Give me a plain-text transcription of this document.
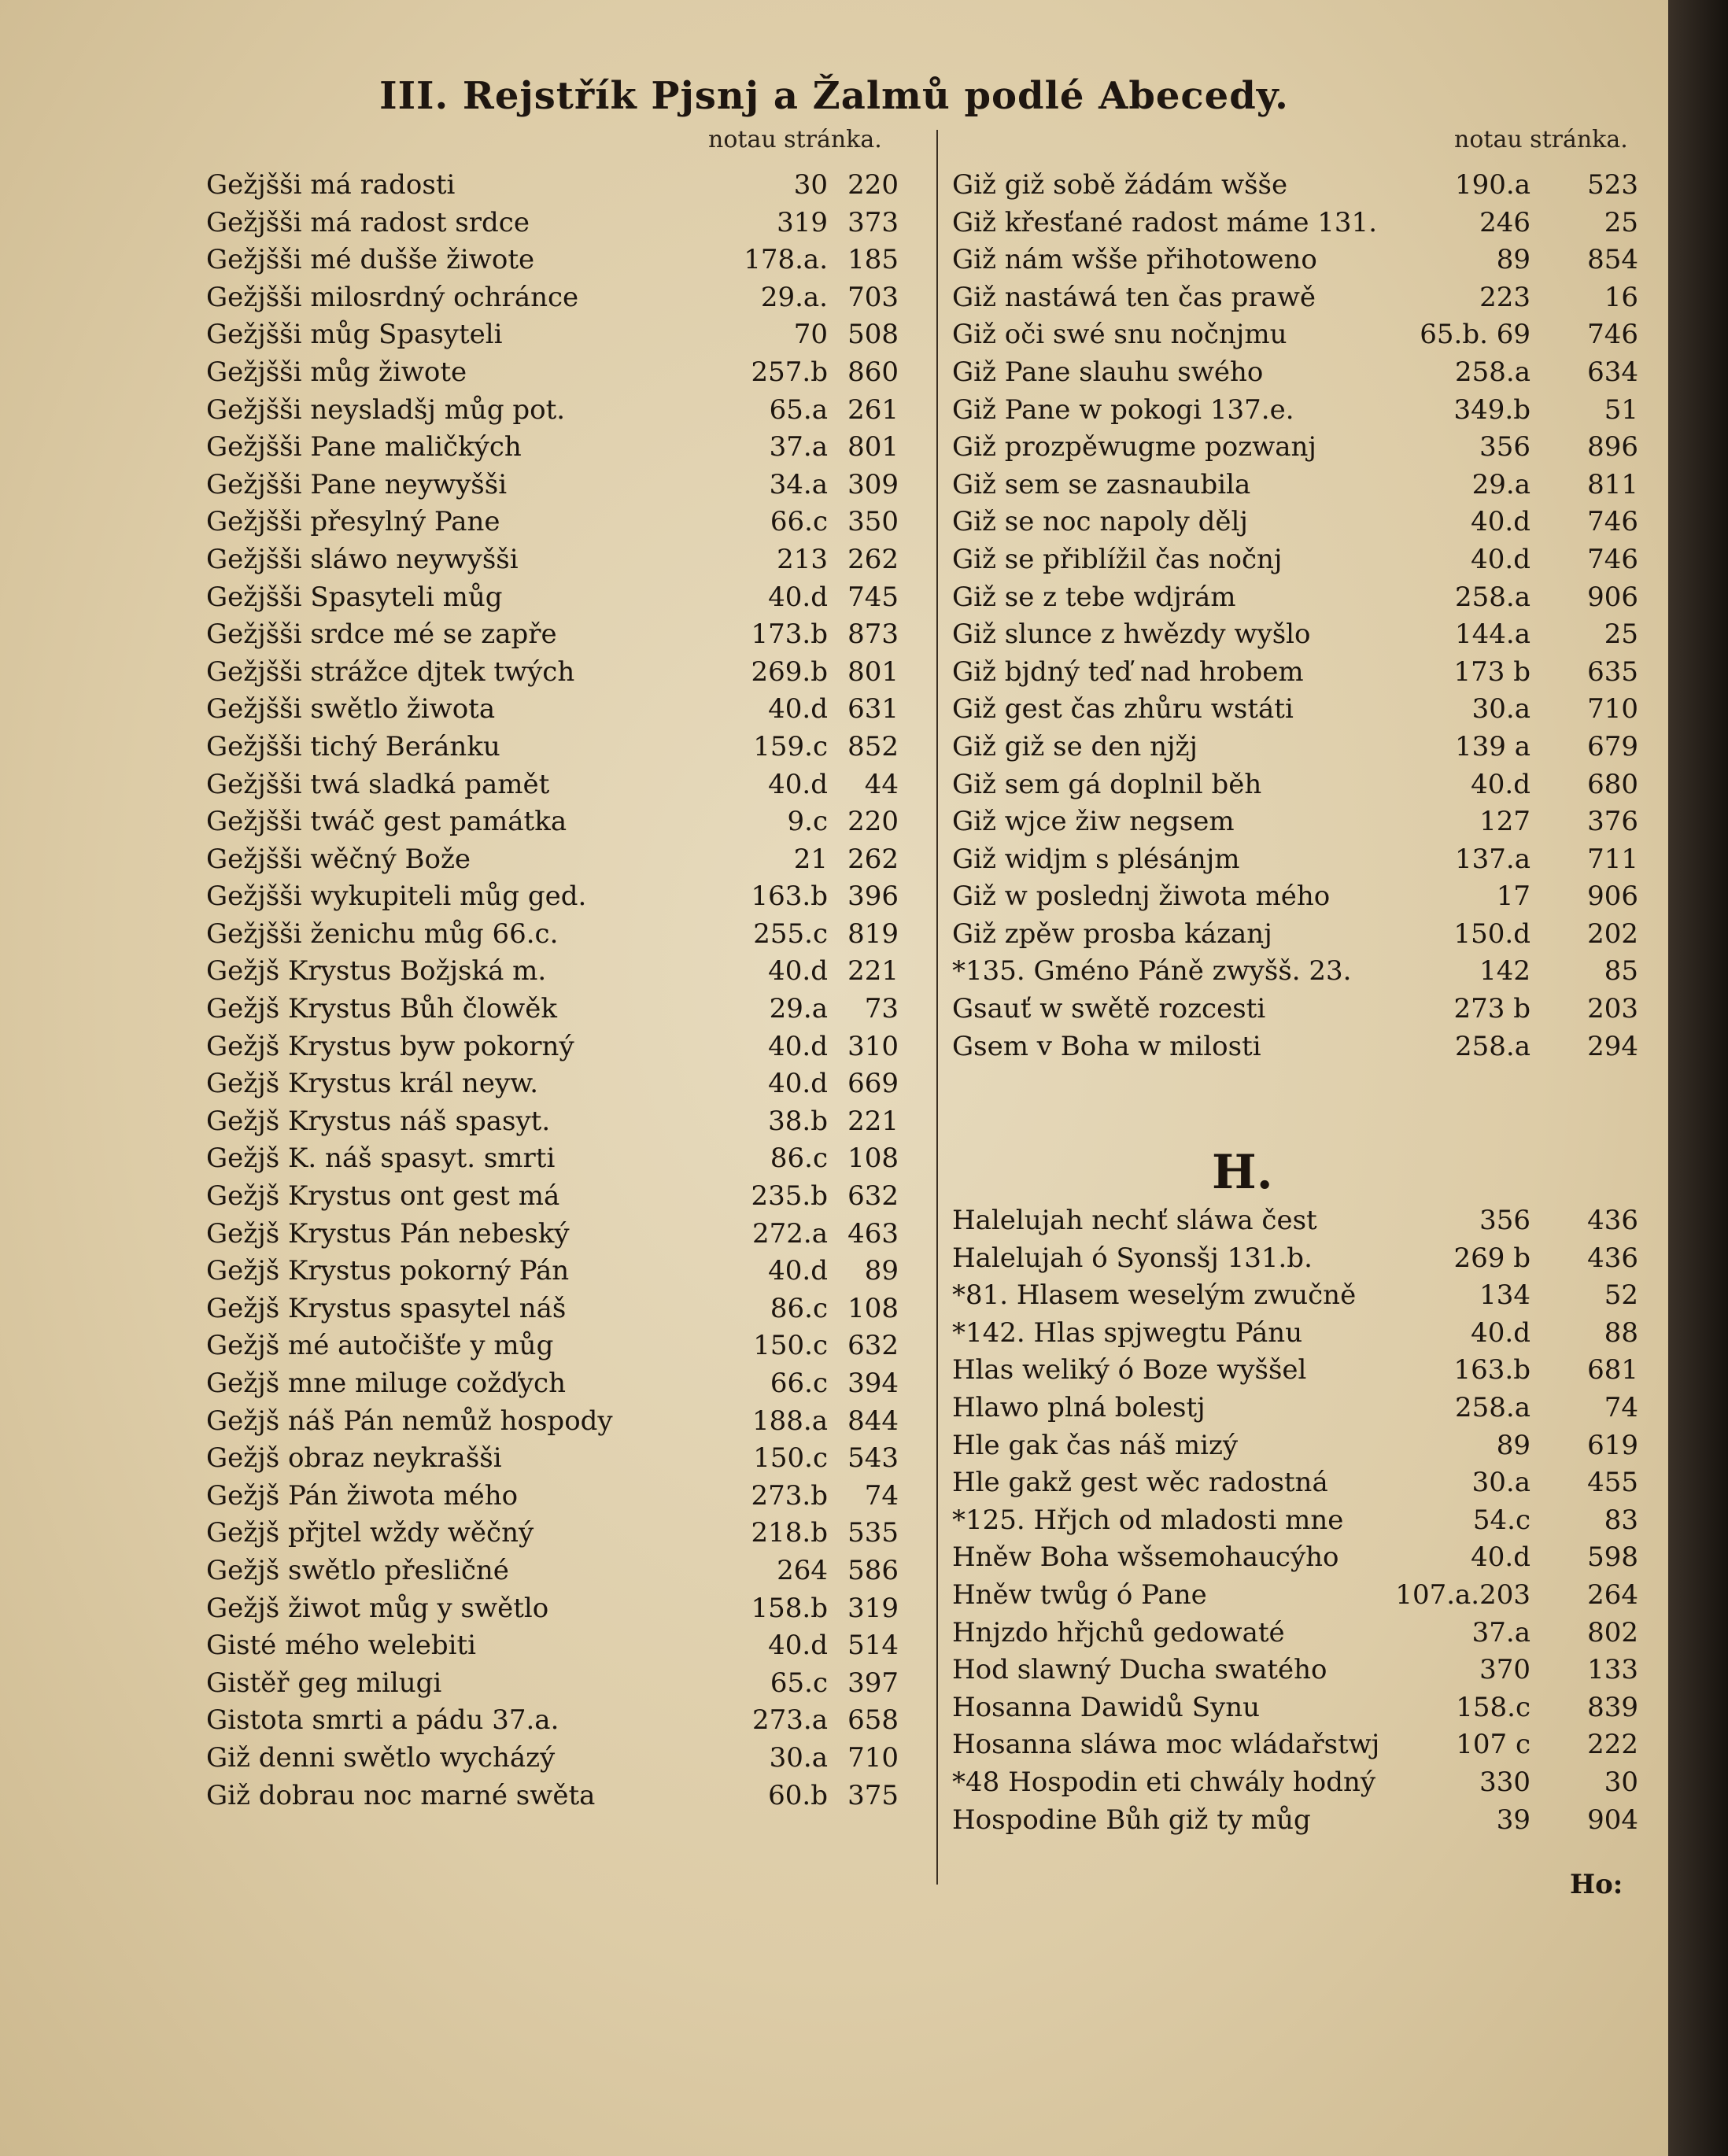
III. Rejstřík Pjsnj a Žalmů podlé Abecedy.
notau stránka.	notau stránka.
Gežjšši má radosti	30 220
Gežjšši má radost srdce	319 373
Gežjšši mé dušše žiwote	178.a. 185
Gežjšši milosrdný ochránce	29.a. 703
Gežjšši můg Spasyteli	70 508
Gežjšši můg žiwote	257.b 860
Gežjšši neysladšj můg pot.	65.a 261
Gežjšši Pane maličkých	37.a 801
Gežjšši Pane neywyšši	34.a 309
Gežjšši přesylný Pane	66.c 350
Gežjšši sláwo neywyšši	213 262
Gežjšši Spasyteli můg	40.d 745
Gežjšši srdce mé se zapře	173.b 873
Gežjšši strážce djtek twých	269.b 801
Gežjšši swětlo žiwota	40.d 631
Gežjšši tichý Beránku	159.c 852
Gežjšši twá sladká pamět	40.d 44
Gežjšši twáč gest památka	9.c 220
Gežjšši wěčný Bože	21 262
Gežjšši wykupiteli můg ged.	163.b 396
Gežjšši ženichu můg 66.c.	255.c 819
Gežjš Krystus Božjská m.	40.d 221
Gežjš Krystus Bůh člowěk	29.a 73
Gežjš Krystus byw pokorný	40.d 310
Gežjš Krystus král neyw.	40.d 669
Gežjš Krystus náš spasyt.	38.b 221
Gežjš K. náš spasyt. smrti	86.c 108
Gežjš Krystus ont gest má	235.b 632
Gežjš Krystus Pán nebeský	272.a 463
Gežjš Krystus pokorný Pán	40.d 89
Gežjš Krystus spasytel náš	86.c 108
Gežjš mé autočišťe y můg	150.c 632
Gežjš mne miluge cožďych	66.c 394
Gežjš náš Pán nemůž hospody	188.a 844
Gežjš obraz neykrašši	150.c 543
Gežjš Pán žiwota mého	273.b 74
Gežjš přjtel wždy wěčný	218.b 535
Gežjš swětlo přesličné	264 586
Gežjš žiwot můg y swětlo	158.b 319
Gisté mého welebiti	40.d 514
Gistěř geg milugi	65.c 397
Gistota smrti a pádu 37.a.	273.a 658
Giž denni swětlo wycházý	30.a 710
Giž dobrau noc marné swěta	60.b 375
Giž giž sobě žádám wšše	190.a 523
Giž křesťané radost máme 131.	246	25
Giž nám wšše přihotoweno	89 854
Giž nastáwá ten čas prawě	223	16
Giž oči swé snu nočnjmu	65.b. 69 746
Giž Pane slauhu swého	258.a 634
Giž Pane w pokogi 137.e.	349.b	51
Giž prozpěwugme pozwanj	356 896
Giž sem se zasnaubila	29.a 811
Giž se noc napoly dělj	40.d 746
Giž se přiblížil čas nočnj	40.d 746
Giž se z tebe wdjrám	258.a 906
Giž slunce z hwězdy wyšlo	144.a	25
Giž bjdný teď nad hrobem	173 b 635
Giž gest čas zhůru wstáti	30.a 710
Giž giž se den njžj	139 a 679
Giž sem gá doplnil běh	40.d 680
Giž wjce žiw negsem	127 376
Giž widjm s plésánjm	137.a 711
Giž w poslednj žiwota mého	17 906
Giž zpěw prosba kázanj	150.d 202
*135. Gméno Páně zwyšš. 23.	142	85
Gsauť w swětě rozcesti	273 b 203
Gsem v Boha w milosti	258.a 294
H.
Halelujah nechť sláwa čest	356 436
Halelujah ó Syonsšj 131.b.	269 b 436
*81. Hlasem weselým zwučně	134	52
*142. Hlas spjwegtu Pánu	40.d	88
Hlas weliký ó Boze wyššel	163.b 681
Hlawo plná bolestj	258.a	74
Hle gak čas náš mizý	89 619
Hle gakž gest wěc radostná	30.a 455
*125. Hřjch od mladosti mne	54.c	83
Hněw Boha wšsemohaucýho	40.d 598
Hněw twůg ó Pane	107.a.203 264
Hnjzdo hřjchů gedowaté	37.a 802
Hod slawný Ducha swatého	370 133
Hosanna Dawidů Synu	158.c 839
Hosanna sláwa moc wládařstwj	107 c 222
*48 Hospodin eti chwály hodný	330	30
Hospodine Bůh giž ty můg	39 904
Ho:
